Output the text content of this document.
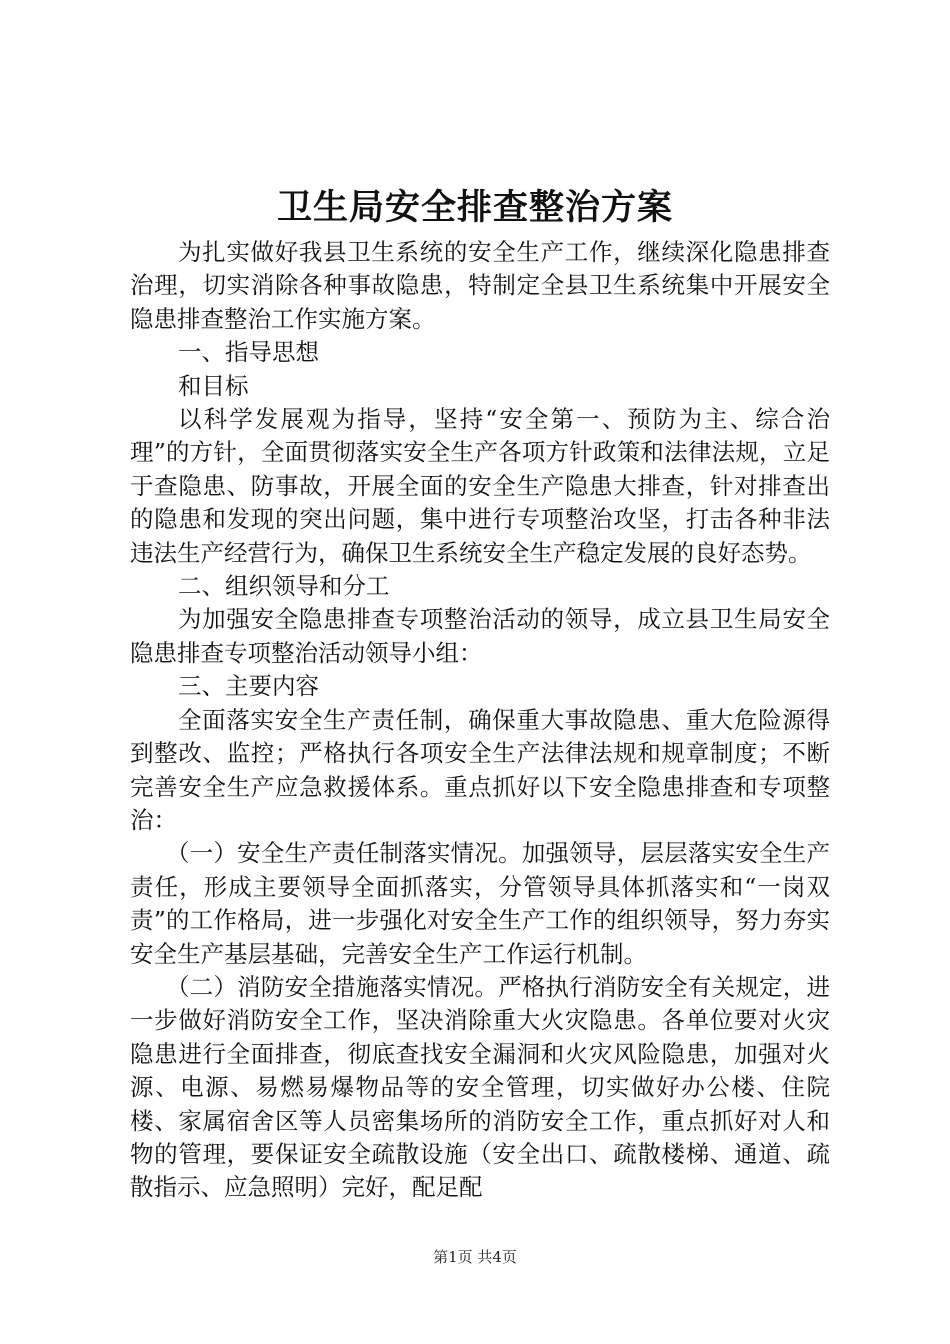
卫生局安全排查整治方案

为扎实做好我县卫生系统的安全生产工作，继续深化隐患排查治理，切实消除各种事故隐患，特制定全县卫生系统集中开展安全隐患排查整治工作实施方案。

一、指导思想

和目标

以科学发展观为指导，坚持“安全第一、预防为主、综合治理”的方针，全面贯彻落实安全生产各项方针政策和法律法规，立足于查隐患、防事故，开展全面的安全生产隐患大排查，针对排查出的隐患和发现的突出问题，集中进行专项整治攻坚，打击各种非法违法生产经营行为，确保卫生系统安全生产稳定发展的良好态势。

二、组织领导和分工

为加强安全隐患排查专项整治活动的领导，成立县卫生局安全隐患排查专项整治活动领导小组：

三、主要内容

全面落实安全生产责任制，确保重大事故隐患、重大危险源得到整改、监控；严格执行各项安全生产法律法规和规章制度；不断完善安全生产应急救援体系。重点抓好以下安全隐患排查和专项整治：

（一）安全生产责任制落实情况。加强领导，层层落实安全生产责任，形成主要领导全面抓落实，分管领导具体抓落实和“一岗双责”的工作格局，进一步强化对安全生产工作的组织领导，努力夯实安全生产基层基础，完善安全生产工作运行机制。

（二）消防安全措施落实情况。严格执行消防安全有关规定，进一步做好消防安全工作，坚决消除重大火灾隐患。各单位要对火灾隐患进行全面排查，彻底查找安全漏洞和火灾风险隐患，加强对火源、电源、易燃易爆物品等的安全管理，切实做好办公楼、住院楼、家属宿舍区等人员密集场所的消防安全工作，重点抓好对人和物的管理，要保证安全疏散设施（安全出口、疏散楼梯、通道、疏散指示、应急照明）完好，配足配

第1页 共4页
